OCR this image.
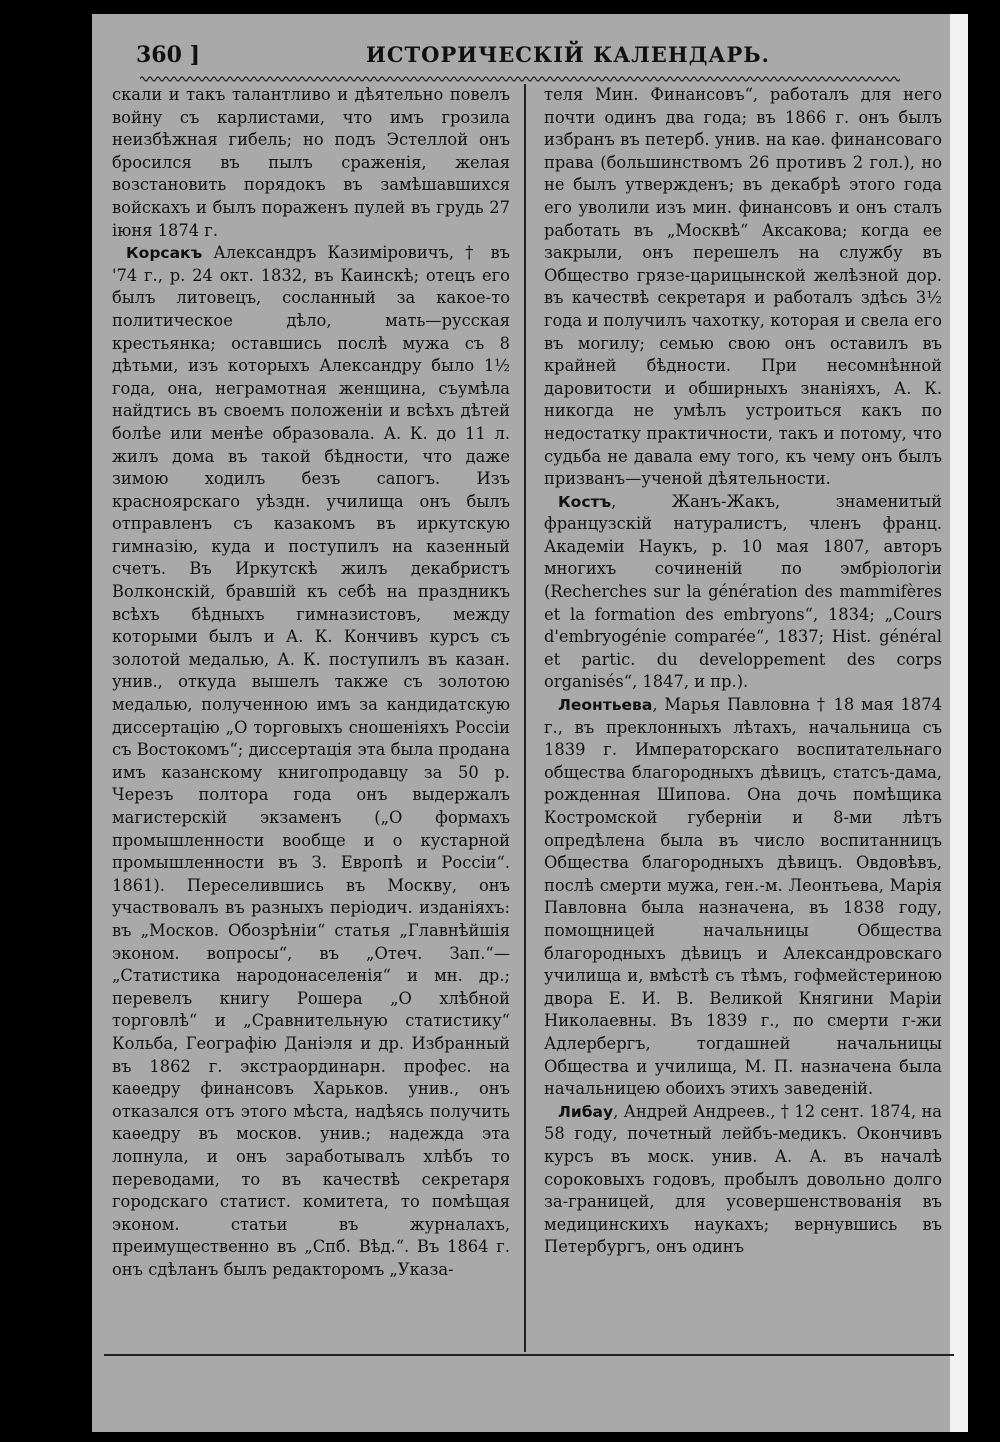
360 ]	ИСТОРИЧЕСКІЙ КАЛЕНДАРЬ.

скали и такъ талантливо и дѣятельно повелъ войну съ карлистами, что имъ грозила неизбѣжная гибель; но подъ Эстеллой онъ бросился въ пылъ сраженія, желая возстановить порядокъ въ замѣшавшихся войскахъ и былъ пораженъ пулей въ грудь 27 іюня 1874 г.

Корсакъ Александръ Казиміровичъ, † въ '74 г., р. 24 окт. 1832, въ Каинскѣ; отецъ его былъ литовецъ, сосланный за какое-то политическое дѣло, мать—русская крестьянка; оставшись послѣ мужа съ 8 дѣтьми, изъ которыхъ Александру было 1½ года, она, неграмотная женщина, съумѣла найдтись въ своемъ положеніи и всѣхъ дѣтей болѣе или менѣе образовала. А. К. до 11 л. жилъ дома въ такой бѣдности, что даже зимою ходилъ безъ сапогъ. Изъ красноярскаго уѣздн. училища онъ былъ отправленъ съ казакомъ въ иркутскую гимназію, куда и поступилъ на казенный счетъ. Въ Иркутскѣ жилъ декабристъ Волконскій, бравшій къ себѣ на праздникъ всѣхъ бѣдныхъ гимназистовъ, между которыми былъ и А. К. Кончивъ курсъ съ золотой медалью, А. К. поступилъ въ казан. унив., откуда вышелъ также съ золотою медалью, полученною имъ за кандидатскую диссертацію „О торговыхъ сношеніяхъ Россіи съ Востокомъ“; диссертація эта была продана имъ казанскому книгопродавцу за 50 р. Черезъ полтора года онъ выдержалъ магистерскій экзаменъ („О формахъ промышленности вообще и о кустарной промышленности въ З. Европѣ и Россіи“. 1861). Переселившись въ Москву, онъ участвовалъ въ разныхъ періодич. изданіяхъ: въ „Москов. Обозрѣніи“ статья „Главнѣйшія эконом. вопросы“, въ „Отеч. Зап.“—„Статистика народонаселенія“ и мн. др.; перевелъ книгу Рошера „О хлѣбной торговлѣ“ и „Сравнительную статистику“ Кольба, Географію Даніэля и др. Избранный въ 1862 г. экстраординарн. профес. на каѳедру финансовъ Харьков. унив., онъ отказался отъ этого мѣста, надѣясь получить каѳедру въ москов. унив.; надежда эта лопнула, и онъ заработывалъ хлѣбъ то переводами, то въ качествѣ секретаря городскаго статист. комитета, то помѣщая эконом. статьи въ журналахъ, преимущественно въ „Спб. Вѣд.“. Въ 1864 г. онъ сдѣланъ былъ редакторомъ „Указа-

теля Мин. Финансовъ“, работалъ для него почти одинъ два года; въ 1866 г. онъ былъ избранъ въ петерб. унив. на каѳ. финансоваго права (большинствомъ 26 противъ 2 гол.), но не былъ утвержденъ; въ декабрѣ этого года его уволили изъ мин. финансовъ и онъ сталъ работать въ „Москвѣ“ Аксакова; когда ее закрыли, онъ перешелъ на службу въ Общество грязе-царицынской желѣзной дор. въ качествѣ секретаря и работалъ здѣсь 3½ года и получилъ чахотку, которая и свела его въ могилу; семью свою онъ оставилъ въ крайней бѣдности. При несомнѣнной даровитости и обширныхъ знаніяхъ, А. К. никогда не умѣлъ устроиться какъ по недостатку практичности, такъ и потому, что судьба не давала ему того, къ чему онъ былъ призванъ—ученой дѣятельности.

Костъ, Жанъ-Жакъ, знаменитый французскій натуралистъ, членъ франц. Академіи Наукъ, р. 10 мая 1807, авторъ многихъ сочиненій по эмбріологіи (Recherches sur la génération des mammifères et la formation des embryons“, 1834; „Cours d'embryogénie comparée“, 1837; Hist. général et partic. du developpement des corps organisés“, 1847, и пр.).

Леонтьева, Марья Павловна † 18 мая 1874 г., въ преклонныхъ лѣтахъ, начальница съ 1839 г. Императорскаго воспитательнаго общества благородныхъ дѣвицъ, статсъ-дама, рожденная Шипова. Она дочь помѣщика Костромской губерніи и 8-ми лѣтъ опредѣлена была въ число воспитанницъ Общества благородныхъ дѣвицъ. Овдовѣвъ, послѣ смерти мужа, ген.-м. Леонтьева, Марія Павловна была назначена, въ 1838 году, помощницей начальницы Общества благородныхъ дѣвицъ и Александровскаго училища и, вмѣстѣ съ тѣмъ, гофмейстериною двора Е. И. В. Великой Княгини Маріи Николаевны. Въ 1839 г., по смерти г-жи Адлербергъ, тогдашней начальницы Общества и училища, М. П. назначена была начальницею обоихъ этихъ заведеній.

Либау, Андрей Андреев., † 12 сент. 1874, на 58 году, почетный лейбъ-медикъ. Окончивъ курсъ въ моск. унив. А. А. въ началѣ сороковыхъ годовъ, пробылъ довольно долго за-границей, для усовершенствованія въ медицинскихъ наукахъ; вернувшись въ Петербургъ, онъ одинъ
